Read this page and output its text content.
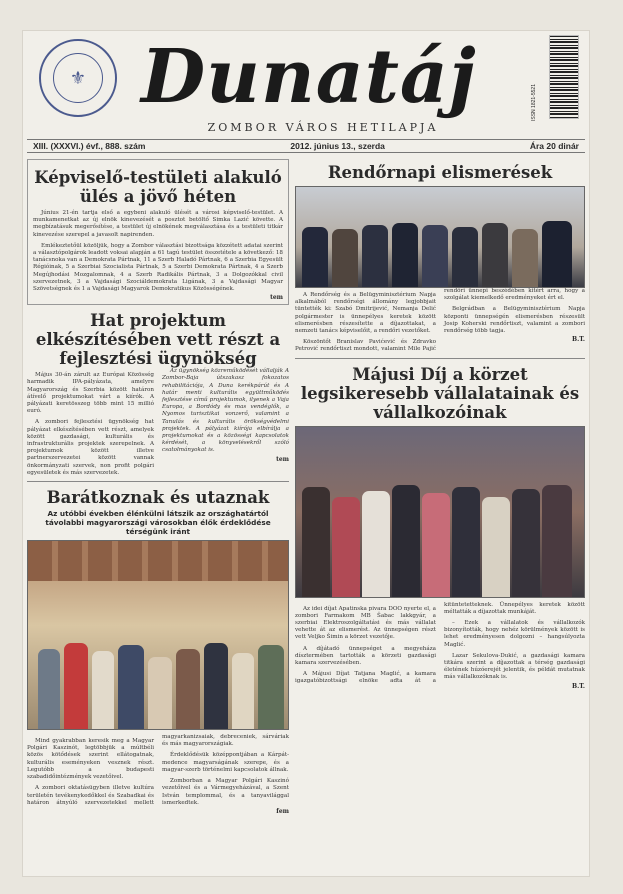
⚜ Dunatáj	ISSN 1821-5521
ZOMBOR VÁROS HETILAPJA
XIII. (XXXVI.) évf., 888. szám	2012. június 13., szerda	Ára 20 dinár
Képviselő-testületi alakuló ülés a jövő héten

Június 21-én tartja első a egybeni alakuló ülését a városi képviselő-testület. A munkamenetkat az új elnök kinevezését a posztot betöltő Simka Lazić követte. A megbízatásuk megerősítése, a testület új elnökének megválasztása és a testületi titkár kinevezése szerepel a javasolt napirenden.

Emlékeztetőül közöljük, hogy a Zombor választási bizottsága közzétett adatai szerint a választópolgárok leadott voksai alapján a 61 tagú testület összetétele a következő: 18 tanácsnoka van a Demokrata Pártnak, 11 a Szerb Haladó Pártnak, 6 a Szerbia Egyesült Régióinak, 5 a Szerbiai Szocialista Pártnak, 5 a Szerbi Demokrata Pártnak, 4 a Szerb Megújhodási Mozgalomnak, 4 a Szerb Radikális Pártnak, 3 a Dolgozókkal civil szervezetnek, 3 a Vajdasági Szociáldemokrata Ligának, 3 a Vajdasági Magyar Szövetségnek és 1 a Vajdasági Magyarok Demokratikus Közösségének.

tem
Hat projektum elkészítésében vett részt a fejlesztési ügynökség

Május 30-án zárult az Európai Közösség harmadik IPA-pályázata, amelyre Magyarország és Szerbia között határon átívelő projektumokat várt a kiírók. A pályázati keretösszeg több mint 15 millió euró.

A zombori fejlesztési ügynökség hat pályázat elkészítésében vett részt, amelyek között gazdasági, kulturális és infrastrukturális projektek szerepelnek. A projektumok között illetve partnerszervezetei között vannak önkormányzati szervek, non profit polgári egyesületek és más szervezetek.

Az ügynökség közreműködését vállalják A Zombor-Baja útszakasz fokozatos rehabilitációja, A Duna kerékpárút és A határ menti kulturális együttműködés fejlesztése című projektumok, ilyenek a Vaja Europa, a Bordódy és mas vendéglők, a Nyomos turisztikai vonzerő, valamint a Tanulás és kulturális örökségvédelmi projektek. A pályázat kiírója elbírálja a projektumokat és a közösségi kapcsolatok kérdését, a könyvelésekről szóló csatolmányokat is.

tem
Barátkoznak és utaznak
Az utóbbi években élénkülni látszik az országhatártól távolabbi magyarországi városokban élők érdeklődése térségünk iránt

Mind gyakrabban keresik meg a Magyar Polgári Kaszinót, legtöbbjük a múltbéli közös kötődések szerint ellátogatnak, kulturális eseményeken vesznek részt. Legutóbb a budapesti szabadidőintézmények vezetőivel.

A zombori oktatásügyben illetve kultúra területén tevékenykedőkkel és Szabadkai és határon átnyúló szervezetekkel mellett magyarkanizsaiak, debreceniek, sárváriak és más magyarországiak.

Érdeklődésük középpontjában a Kárpát-medence magyarságának szerepe, és a magyar-szerb történelmi kapcsolatok állnak.

Zomborban a Magyar Polgári Kaszinó vezetőivel és a Vármegyeházával, a Szent István templommal, és a tanyavilággal ismerkedtek.

fem
Rendőrnapi elismerések

A Rendőrség és a Belügyminisztérium Napja alkalmából rendőrségi állomány legjobbjait tüntették ki: Szabó Dmitrijević, Nemanja Delić polgármester is ünnepélyes keretek között elismerésben részesítette a díjazottakat, a nemzeti tanács képviselőit, a rendőri vezetőket.

Köszöntőt Branislav Pavićević és Zdravko Petrović rendőrtiszt mondott, valamint Mile Pajić rendőri ünnepi beszédében kitért arra, hogy a szolgálat kiemelkedő eredményeket ért el.

Belgrádban a Belügyminisztérium Napja központi ünnepségén elismerésben részesült Josip Koherski rendőrtiszt, valamint a zombori rendőrség több tagja.

B.T.
Májusi Díj a körzet legsikeresebb vállalatainak és vállalkozóinak

Az idei díjat Apatinska pivara DOO nyerte el, a zombori Farmakom MB Šabac lakkgyár, a szerbiai Elektroszolgáltatási és más vállalat vehette át az elismerést. Az ünnepségen részt vett Veljko Šimin a körzet vezetője.

A díjátadó ünnepséget a megyeháza dísztermében tartották a körzeti gazdasági kamara szervezésében.

A Májusi Díjat Tatjana Maglić, a kamara igazgatóbizottsági elnöke adta át a kitüntetetteknek. Ünnepélyes keretek között méltatták a díjazottak munkáját.

– Ezek a vállalatok és vállalkozók bizonyították, hogy nehéz körülmények között is lehet eredményesen dolgozni – hangsúlyozta Maglić.

Lazar Sekulova-Dukić, a gazdasági kamara titkára szerint a díjazottak a térség gazdasági életének húzóerejét jelentik, és példát mutatnak más vállalkozóknak is.

B.T.
